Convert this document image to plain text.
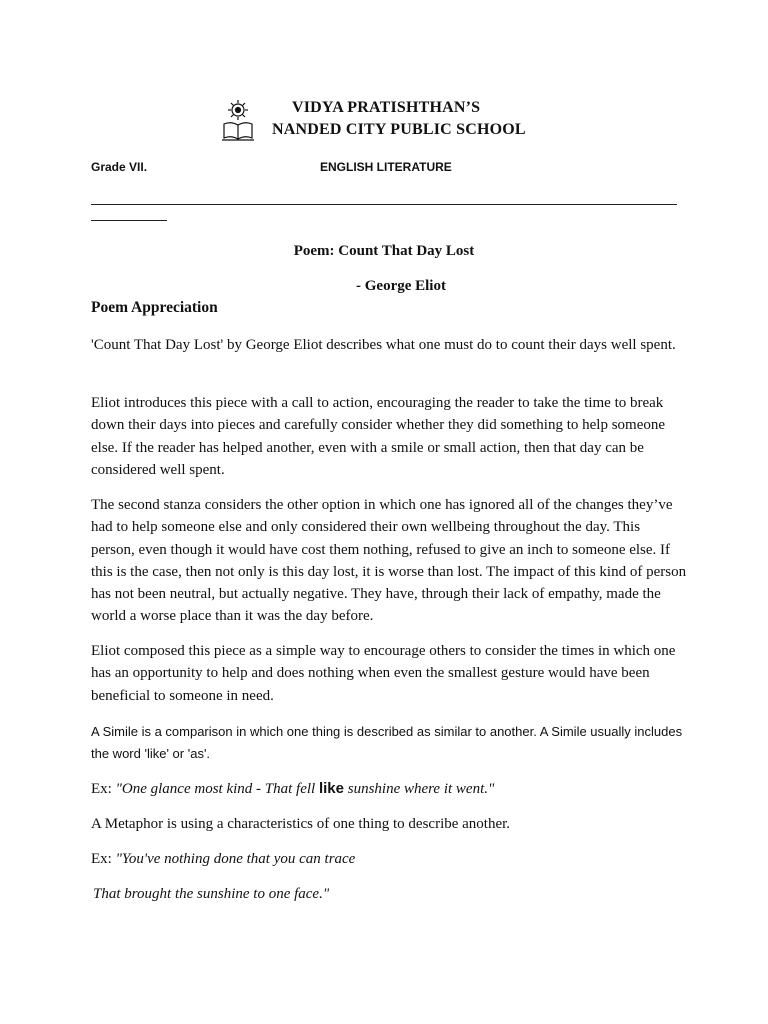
VIDYA PRATISHTHAN’S
NANDED CITY PUBLIC SCHOOL
Grade VII.	ENGLISH LITERATURE
Poem: Count That Day Lost
- George Eliot
Poem Appreciation

'Count That Day Lost' by George Eliot describes what one must do to count their days well spent.

Eliot introduces this piece with a call to action, encouraging the reader to take the time to break down their days into pieces and carefully consider whether they did something to help someone else. If the reader has helped another, even with a smile or small action, then that day can be considered well spent.

The second stanza considers the other option in which one has ignored all of the changes they’ve had to help someone else and only considered their own wellbeing throughout the day. This person, even though it would have cost them nothing, refused to give an inch to someone else. If this is the case, then not only is this day lost, it is worse than lost. The impact of this kind of person has not been neutral, but actually negative. They have, through their lack of empathy, made the world a worse place than it was the day before.

Eliot composed this piece as a simple way to encourage others to consider the times in which one has an opportunity to help and does nothing when even the smallest gesture would have been beneficial to someone in need.

A Simile is a comparison in which one thing is described as similar to another. A Simile usually includes the word 'like' or 'as'.

Ex: "One glance most kind - That fell like sunshine where it went."
A Metaphor is using a characteristics of one thing to describe another.
Ex: "You've nothing done that you can trace
That brought the sunshine to one face."
